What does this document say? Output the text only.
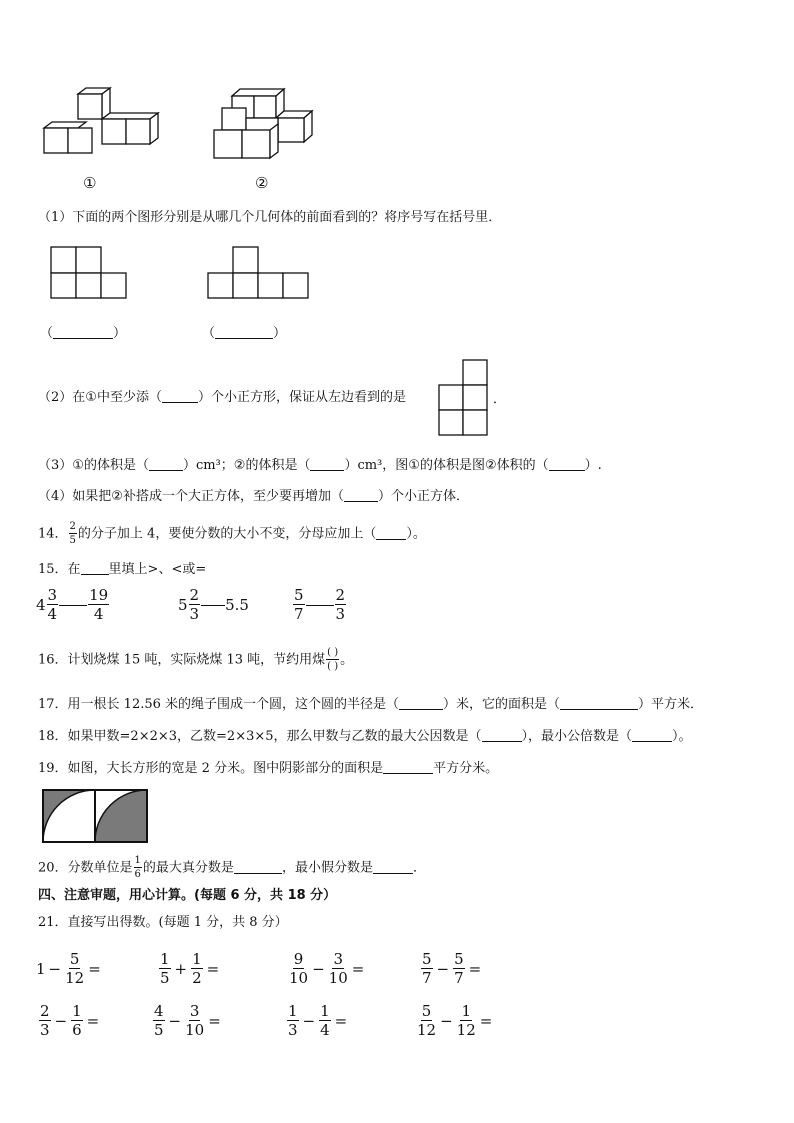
①	②
（1）下面的两个图形分别是从哪几个几何体的前面看到的？将序号写在括号里．
（	）	（	）
（2）在①中至少添（	）个小正方形，保证从左边看到的是	．
（3）①的体积是（	）cm³；②的体积是（	）cm³，图①的体积是图②体积的（	）.
（4）如果把②补搭成一个大正方体，至少要再增加（	）个小正方体．
14． $\frac{2}{5}$ 的分子加上 4，要使分数的大小不变，分母应加上（ ）。
15．在 里填上>、<或=
$4 \frac{3}{4} \frac{19}{4}$	$5 \frac{2}{3} 5.5$	$\frac{5}{7} \frac{2}{3}$
16．计划烧煤 15 吨，实际烧煤 13 吨，节约用煤 $\frac{( )}{( )}$ 。
17．用一根长 12.56 米的绳子围成一个圆，这个圆的半径是（	）米，它的面积是（	）平方米．
18．如果甲数=2×2×3，乙数=2×3×5，那么甲数与乙数的最大公因数是（	），最小公倍数是（	）。
19．如图，大长方形的宽是 2 分米。图中阴影部分的面积是	平方分米。
20．分数单位是 $\frac{1}{6}$ 的最大真分数是	，最小假分数是	．
四、注意审题，用心计算。(每题 6 分，共 18 分）
21．直接写出得数。(每题 1 分，共 8 分）
$1 - \frac{5}{12}$ =	$\frac{1}{5} + \frac{1}{2}$ =	$\frac{9}{10} - \frac{3}{10}$ =	$\frac{5}{7} - \frac{5}{7}$ =
$\frac{2}{3} - \frac{1}{6}$ =	$\frac{4}{5} - \frac{3}{10}$ =	$\frac{1}{3} - \frac{1}{4}$ =	$\frac{5}{12} - \frac{1}{12}$ =
